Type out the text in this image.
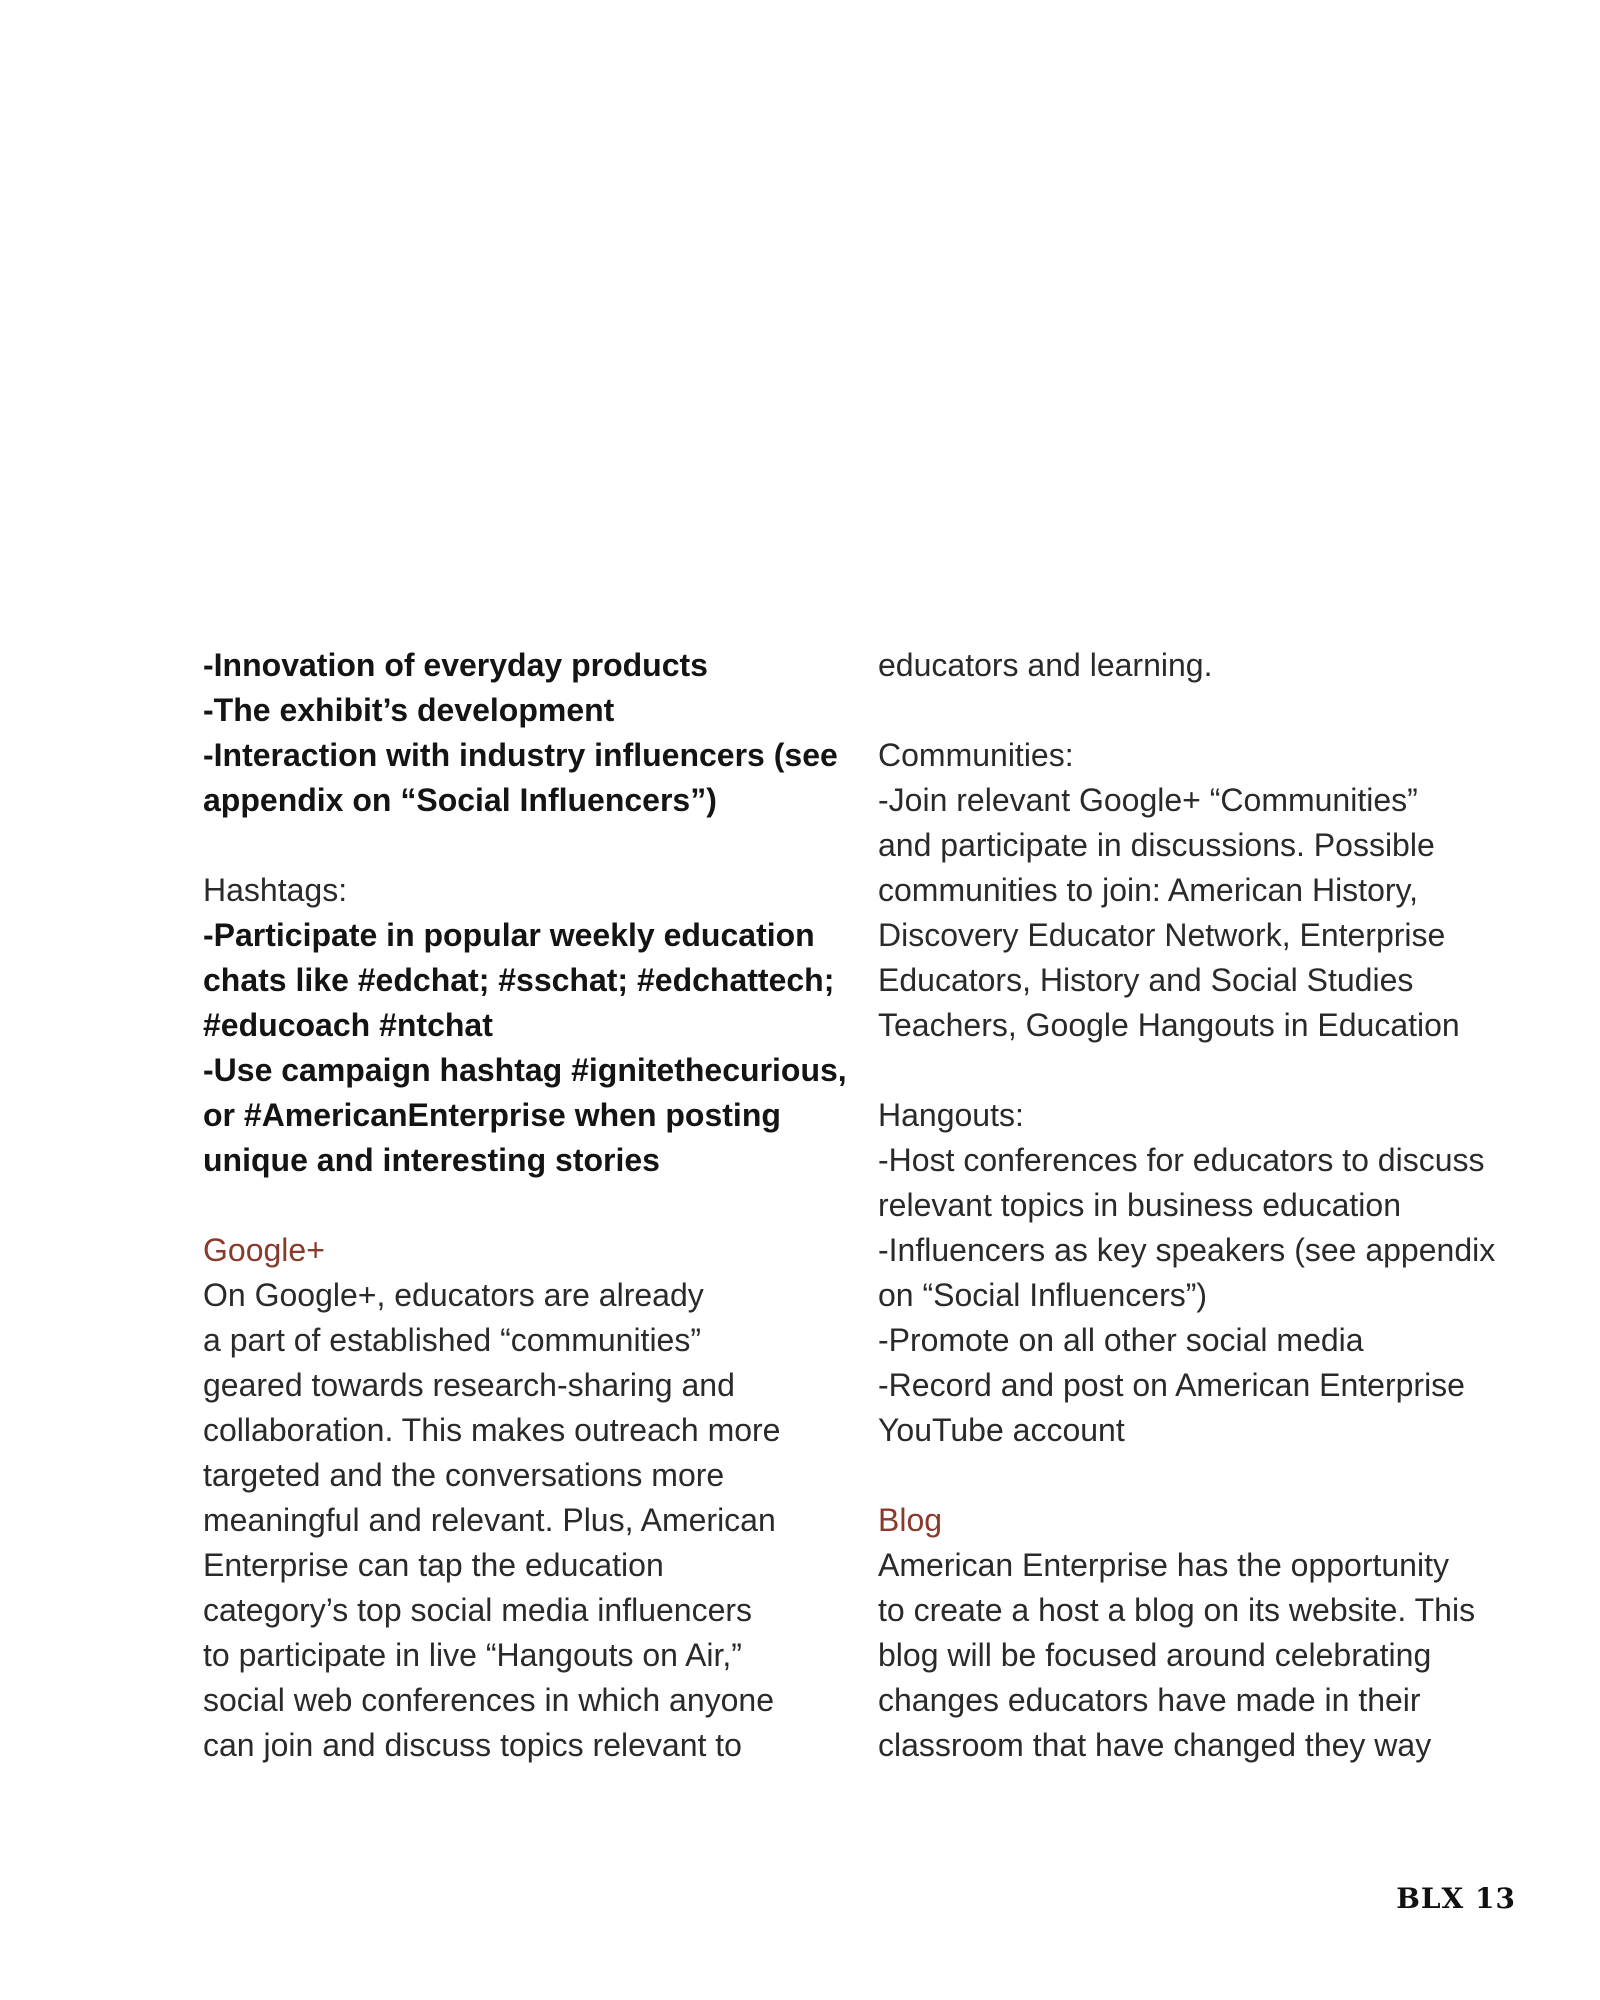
-Innovation of everyday products
-The exhibit’s development
-Interaction with industry influencers (see
appendix on “Social Influencers”)
Hashtags:
-Participate in popular weekly education
chats like #edchat; #sschat; #edchattech;
#educoach #ntchat
-Use campaign hashtag #ignitethecurious,
or #AmericanEnterprise when posting
unique and interesting stories
Google+
On Google+, educators are already
a part of established “communities”
geared towards research-sharing and
collaboration. This makes outreach more
targeted and the conversations more
meaningful and relevant. Plus, American
Enterprise can tap the education
category’s top social media influencers
to participate in live “Hangouts on Air,”
social web conferences in which anyone
can join and discuss topics relevant to
educators and learning.
Communities:
-Join relevant Google+ “Communities”
and participate in discussions. Possible
communities to join: American History,
Discovery Educator Network, Enterprise
Educators, History and Social Studies
Teachers, Google Hangouts in Education
Hangouts:
-Host conferences for educators to discuss
relevant topics in business education
-Influencers as key speakers (see appendix
on “Social Influencers”)
-Promote on all other social media
-Record and post on American Enterprise
YouTube account
Blog
American Enterprise has the opportunity
to create a host a blog on its website. This
blog will be focused around celebrating
changes educators have made in their
classroom that have changed they way
BLX 13
